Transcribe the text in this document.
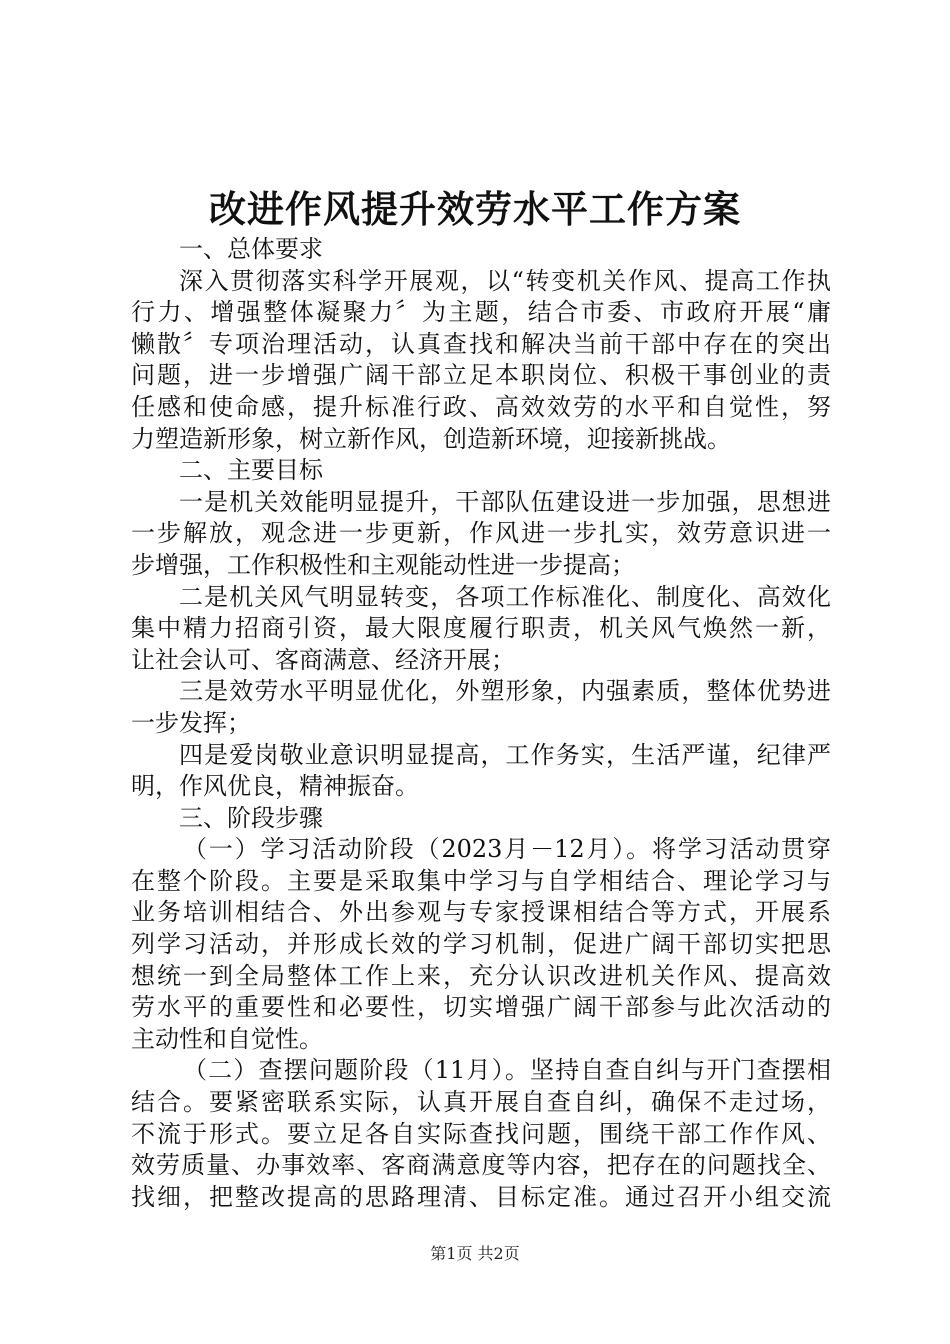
改进作风提升效劳水平工作方案
一、总体要求
深入贯彻落实科学开展观，以“转变机关作风、提高工作执
行力、增强整体凝聚力〞为主题，结合市委、市政府开展“庸
懒散〞专项治理活动，认真查找和解决当前干部中存在的突出
问题，进一步增强广阔干部立足本职岗位、积极干事创业的责
任感和使命感，提升标准行政、高效效劳的水平和自觉性，努
力塑造新形象，树立新作风，创造新环境，迎接新挑战。
二、主要目标
一是机关效能明显提升，干部队伍建设进一步加强，思想进
一步解放，观念进一步更新，作风进一步扎实，效劳意识进一
步增强，工作积极性和主观能动性进一步提高；
二是机关风气明显转变，各项工作标准化、制度化、高效化
集中精力招商引资，最大限度履行职责，机关风气焕然一新，
让社会认可、客商满意、经济开展；
三是效劳水平明显优化，外塑形象，内强素质，整体优势进
一步发挥；
四是爱岗敬业意识明显提高，工作务实，生活严谨，纪律严
明，作风优良，精神振奋。
三、阶段步骤
（一）学习活动阶段（2023月－12月）。将学习活动贯穿
在整个阶段。主要是采取集中学习与自学相结合、理论学习与
业务培训相结合、外出参观与专家授课相结合等方式，开展系
列学习活动，并形成长效的学习机制，促进广阔干部切实把思
想统一到全局整体工作上来，充分认识改进机关作风、提高效
劳水平的重要性和必要性，切实增强广阔干部参与此次活动的
主动性和自觉性。
（二）查摆问题阶段（11月）。坚持自查自纠与开门查摆相
结合。要紧密联系实际，认真开展自查自纠，确保不走过场，
不流于形式。要立足各自实际查找问题，围绕干部工作作风、
效劳质量、办事效率、客商满意度等内容，把存在的问题找全、
找细，把整改提高的思路理清、目标定准。通过召开小组交流
第1页 共2页
